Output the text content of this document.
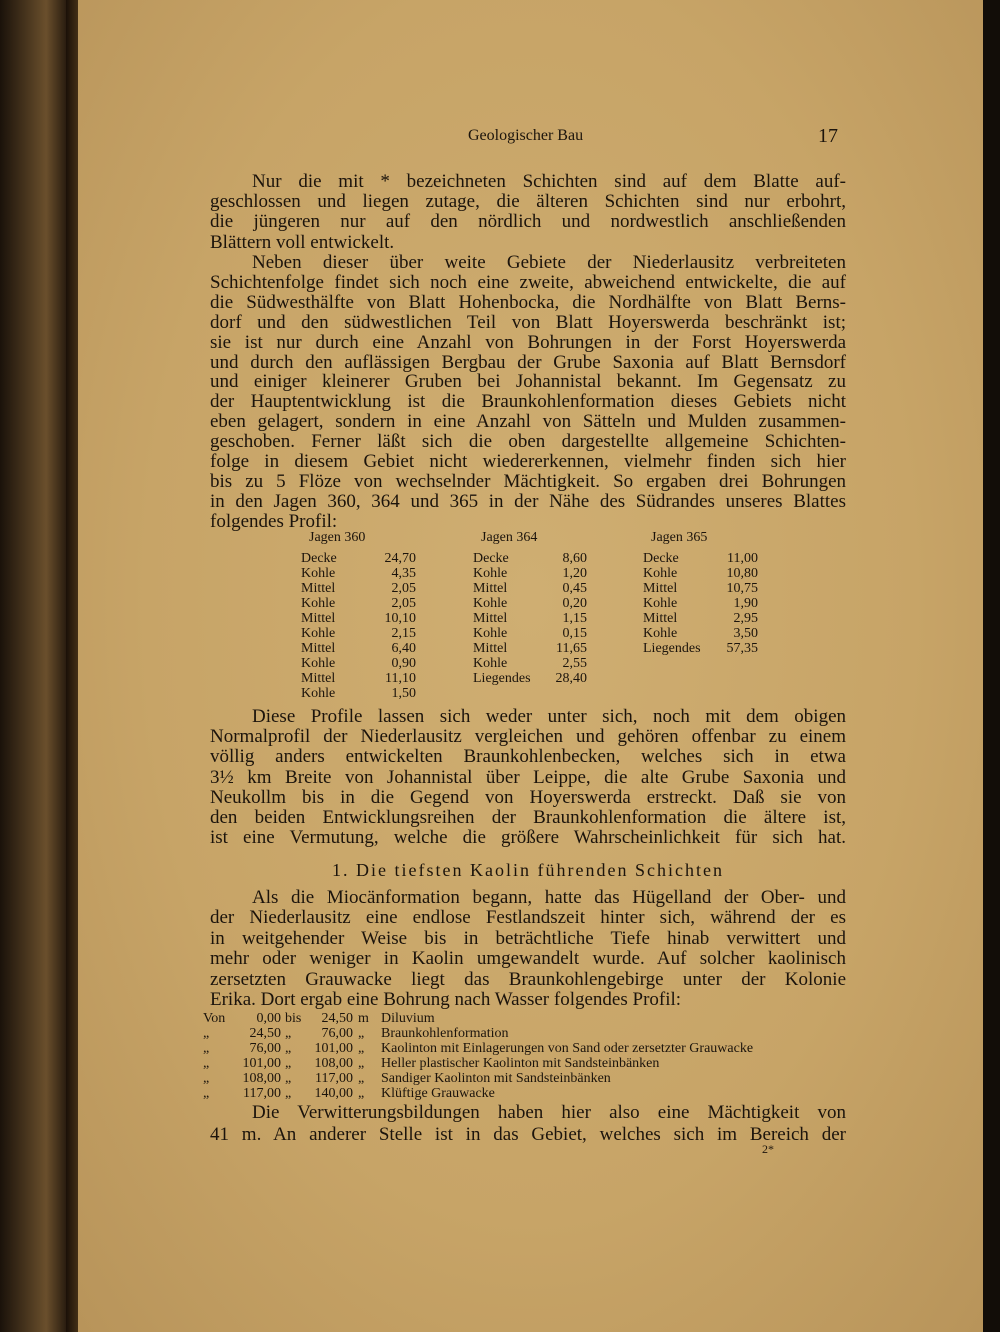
Geologischer Bau	17
Nur die mit * bezeichneten Schichten sind auf dem Blatte auf-
geschlossen und liegen zutage, die älteren Schichten sind nur erbohrt,
die jüngeren nur auf den nördlich und nordwestlich anschließenden
Blättern voll entwickelt.
Neben dieser über weite Gebiete der Niederlausitz verbreiteten
Schichtenfolge findet sich noch eine zweite, abweichend entwickelte, die auf
die Südwesthälfte von Blatt Hohenbocka, die Nordhälfte von Blatt Berns-
dorf und den südwestlichen Teil von Blatt Hoyerswerda beschränkt ist;
sie ist nur durch eine Anzahl von Bohrungen in der Forst Hoyerswerda
und durch den auflässigen Bergbau der Grube Saxonia auf Blatt Bernsdorf
und einiger kleinerer Gruben bei Johannistal bekannt. Im Gegensatz zu
der Hauptentwicklung ist die Braunkohlenformation dieses Gebiets nicht
eben gelagert, sondern in eine Anzahl von Sätteln und Mulden zusammen-
geschoben. Ferner läßt sich die oben dargestellte allgemeine Schichten-
folge in diesem Gebiet nicht wiedererkennen, vielmehr finden sich hier
bis zu 5 Flöze von wechselnder Mächtigkeit. So ergaben drei Bohrungen
in den Jagen 360, 364 und 365 in der Nähe des Südrandes unseres Blattes
folgendes Profil:
Diese Profile lassen sich weder unter sich, noch mit dem obigen
Normalprofil der Niederlausitz vergleichen und gehören offenbar zu einem
völlig anders entwickelten Braunkohlenbecken, welches sich in etwa
3½ km Breite von Johannistal über Leippe, die alte Grube Saxonia und
Neukollm bis in die Gegend von Hoyerswerda erstreckt. Daß sie von
den beiden Entwicklungsreihen der Braunkohlenformation die ältere ist,
ist eine Vermutung, welche die größere Wahrscheinlichkeit für sich hat.
Als die Miocänformation begann, hatte das Hügelland der Ober- und
der Niederlausitz eine endlose Festlandszeit hinter sich, während der es
in weitgehender Weise bis in beträchtliche Tiefe hinab verwittert und
mehr oder weniger in Kaolin umgewandelt wurde. Auf solcher kaolinisch
zersetzten Grauwacke liegt das Braunkohlengebirge unter der Kolonie
Erika. Dort ergab eine Bohrung nach Wasser folgendes Profil:
Die Verwitterungsbildungen haben hier also eine Mächtigkeit von
41 m. An anderer Stelle ist in das Gebiet, welches sich im Bereich der
Jagen 360
Decke	24,70
Kohle	4,35
Mittel	2,05
Kohle	2,05
Mittel	10,10
Kohle	2,15
Mittel	6,40
Kohle	0,90
Mittel	11,10
Kohle	1,50
Jagen 364
Decke	8,60
Kohle	1,20
Mittel	0,45
Kohle	0,20
Mittel	1,15
Kohle	0,15
Mittel	11,65
Kohle	2,55
Liegendes	28,40
Jagen 365
Decke	11,00
Kohle	10,80
Mittel	10,75
Kohle	1,90
Mittel	2,95
Kohle	3,50
Liegendes	57,35
1. Die tiefsten Kaolin führenden Schichten
Von	0,00 bis	24,50 m Diluvium
„	24,50 „	76,00 „	Braunkohlenformation
„	76,00 „	101,00 „	Kaolinton mit Einlagerungen von Sand oder zersetzter Grauwacke
„	101,00 „	108,00 „	Heller plastischer Kaolinton mit Sandsteinbänken
„	108,00 „	117,00 „	Sandiger Kaolinton mit Sandsteinbänken
„	117,00 „	140,00 „	Klüftige Grauwacke
2*
